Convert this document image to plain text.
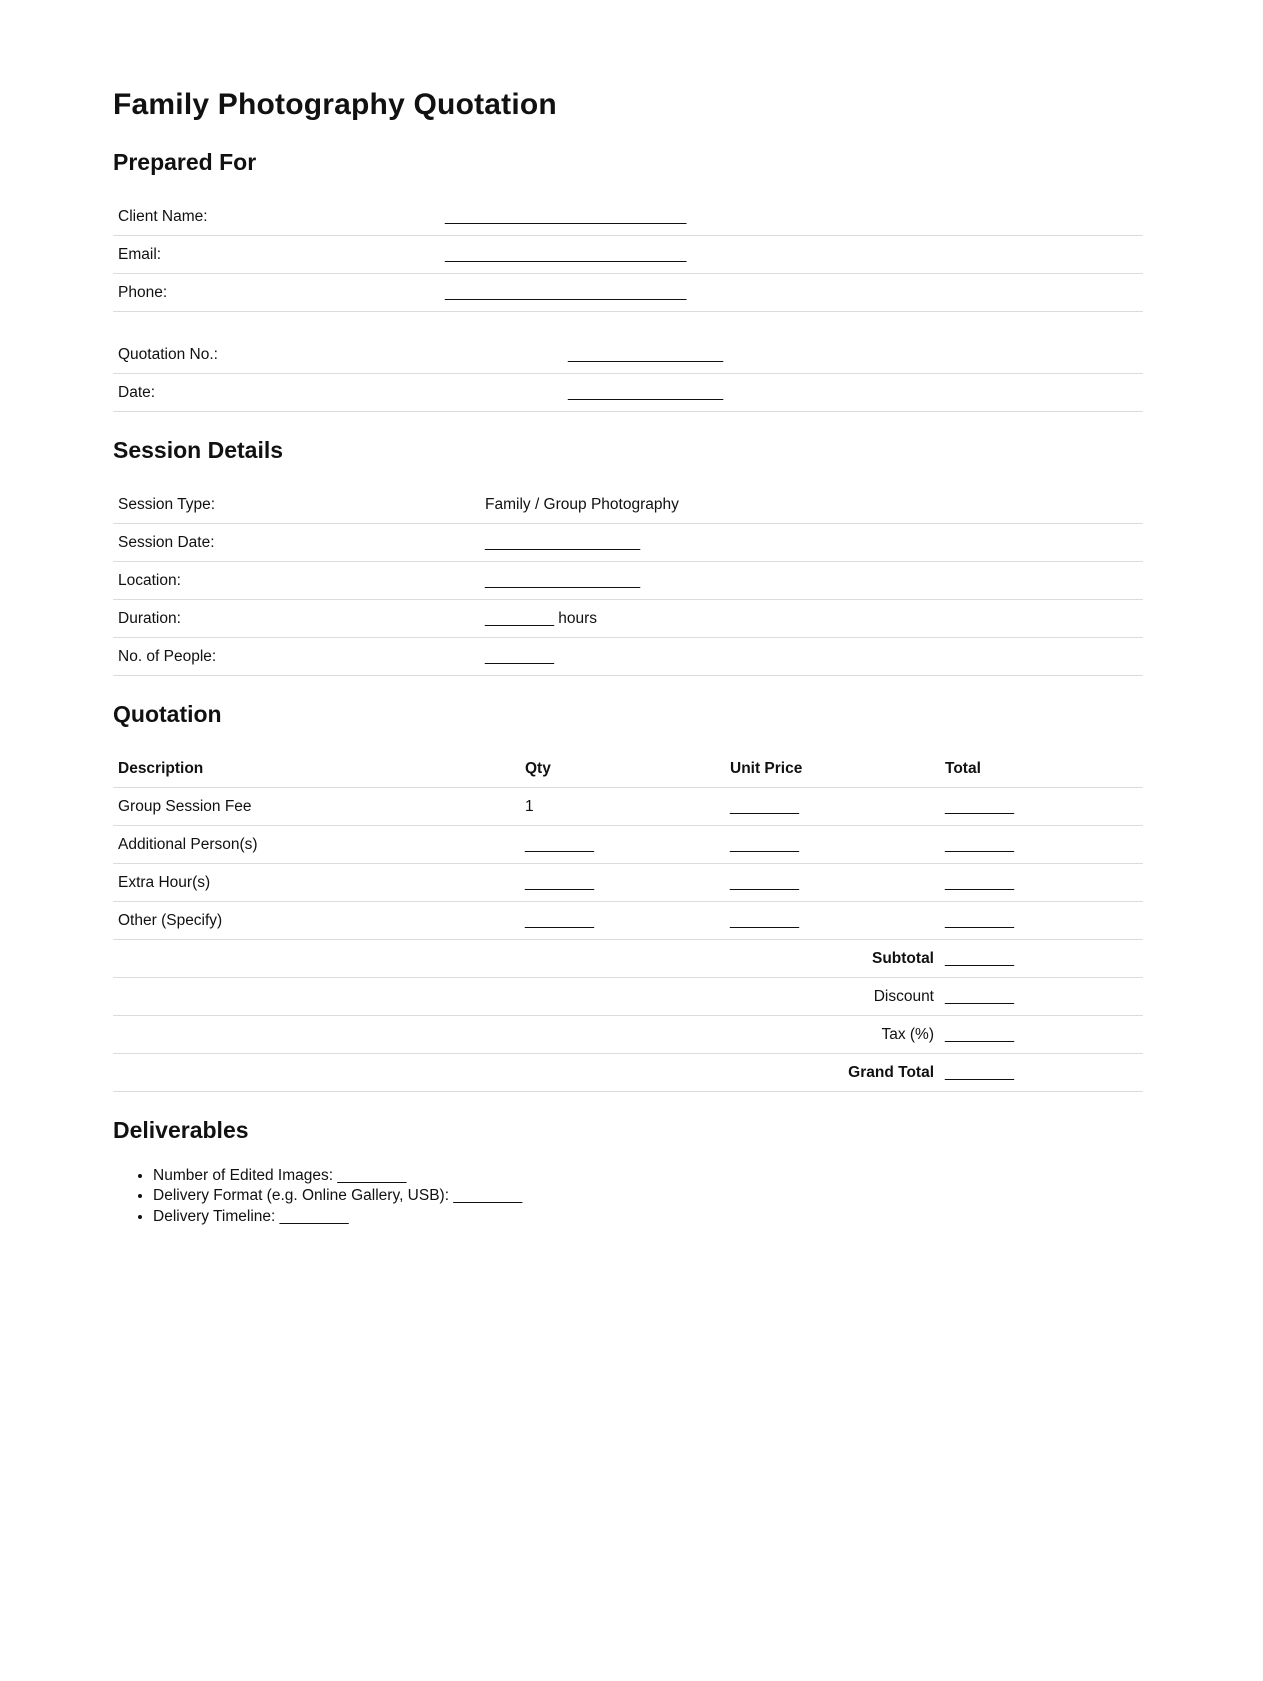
Family Photography Quotation
Prepared For
Client Name:	____________________________
Email:	____________________________
Phone:	____________________________
Quotation No.:	__________________
Date:	__________________
Session Details
Session Type:	Family / Group Photography
Session Date:	__________________
Location:	__________________
Duration:	________ hours
No. of People:	________
Quotation
Description	Qty	Unit Price	Total
Group Session Fee	1	________	________
Additional Person(s)	________	________	________
Extra Hour(s)	________	________	________
Other (Specify)	________	________	________
Subtotal			________
Discount			________
Tax (%)			________
Grand Total			________
Deliverables
• Number of Edited Images: ________
• Delivery Format (e.g. Online Gallery, USB): ________
• Delivery Timeline: ________
